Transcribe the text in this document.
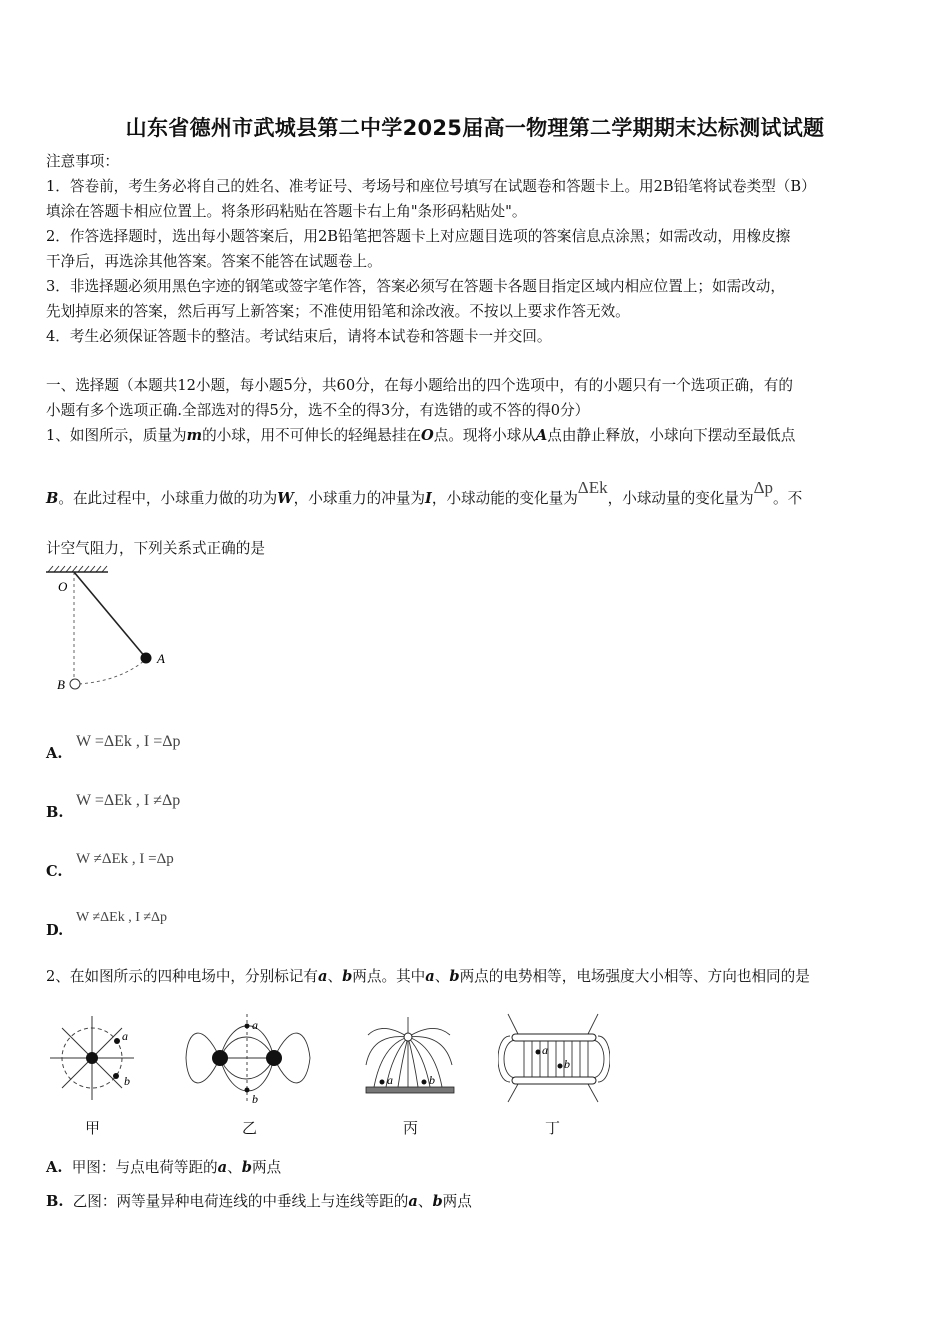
山东省德州市武城县第二中学2025届高一物理第二学期期末达标测试试题
注意事项：
1．答卷前，考生务必将自己的姓名、准考证号、考场号和座位号填写在试题卷和答题卡上。用2B铅笔将试卷类型（B）
填涂在答题卡相应位置上。将条形码粘贴在答题卡右上角"条形码粘贴处"。
2．作答选择题时，选出每小题答案后，用2B铅笔把答题卡上对应题目选项的答案信息点涂黑；如需改动，用橡皮擦
干净后，再选涂其他答案。答案不能答在试题卷上。
3．非选择题必须用黑色字迹的钢笔或签字笔作答，答案必须写在答题卡各题目指定区域内相应位置上；如需改动，
先划掉原来的答案，然后再写上新答案；不准使用铅笔和涂改液。不按以上要求作答无效。
4．考生必须保证答题卡的整洁。考试结束后，请将本试卷和答题卡一并交回。
一、选择题（本题共12小题，每小题5分，共60分，在每小题给出的四个选项中，有的小题只有一个选项正确，有的
小题有多个选项正确.全部选对的得5分，选不全的得3分，有选错的或不答的得0分）
1、如图所示，质量为m的小球，用不可伸长的轻绳悬挂在O点。现将小球从A点由静止释放，小球向下摆动至最低点
B。在此过程中，小球重力做的功为W，小球重力的冲量为I，小球动能的变化量为ΔEk，小球动量的变化量为Δp。不
计空气阻力，下列关系式正确的是
O
A
B
A.
W =ΔEk , I =Δp
B.
W =ΔEk , I ≠Δp
C.
W ≠ΔEk , I =Δp
D.
W ≠ΔEk , I ≠Δp
2、在如图所示的四种电场中，分别标记有a、b两点。其中a、b两点的电势相等，电场强度大小相等、方向也相同的是
a
b
a
b
a	b
a
b
甲	乙	丙	丁
A. 甲图：与点电荷等距的a、b两点
B. 乙图：两等量异种电荷连线的中垂线上与连线等距的a、b两点
